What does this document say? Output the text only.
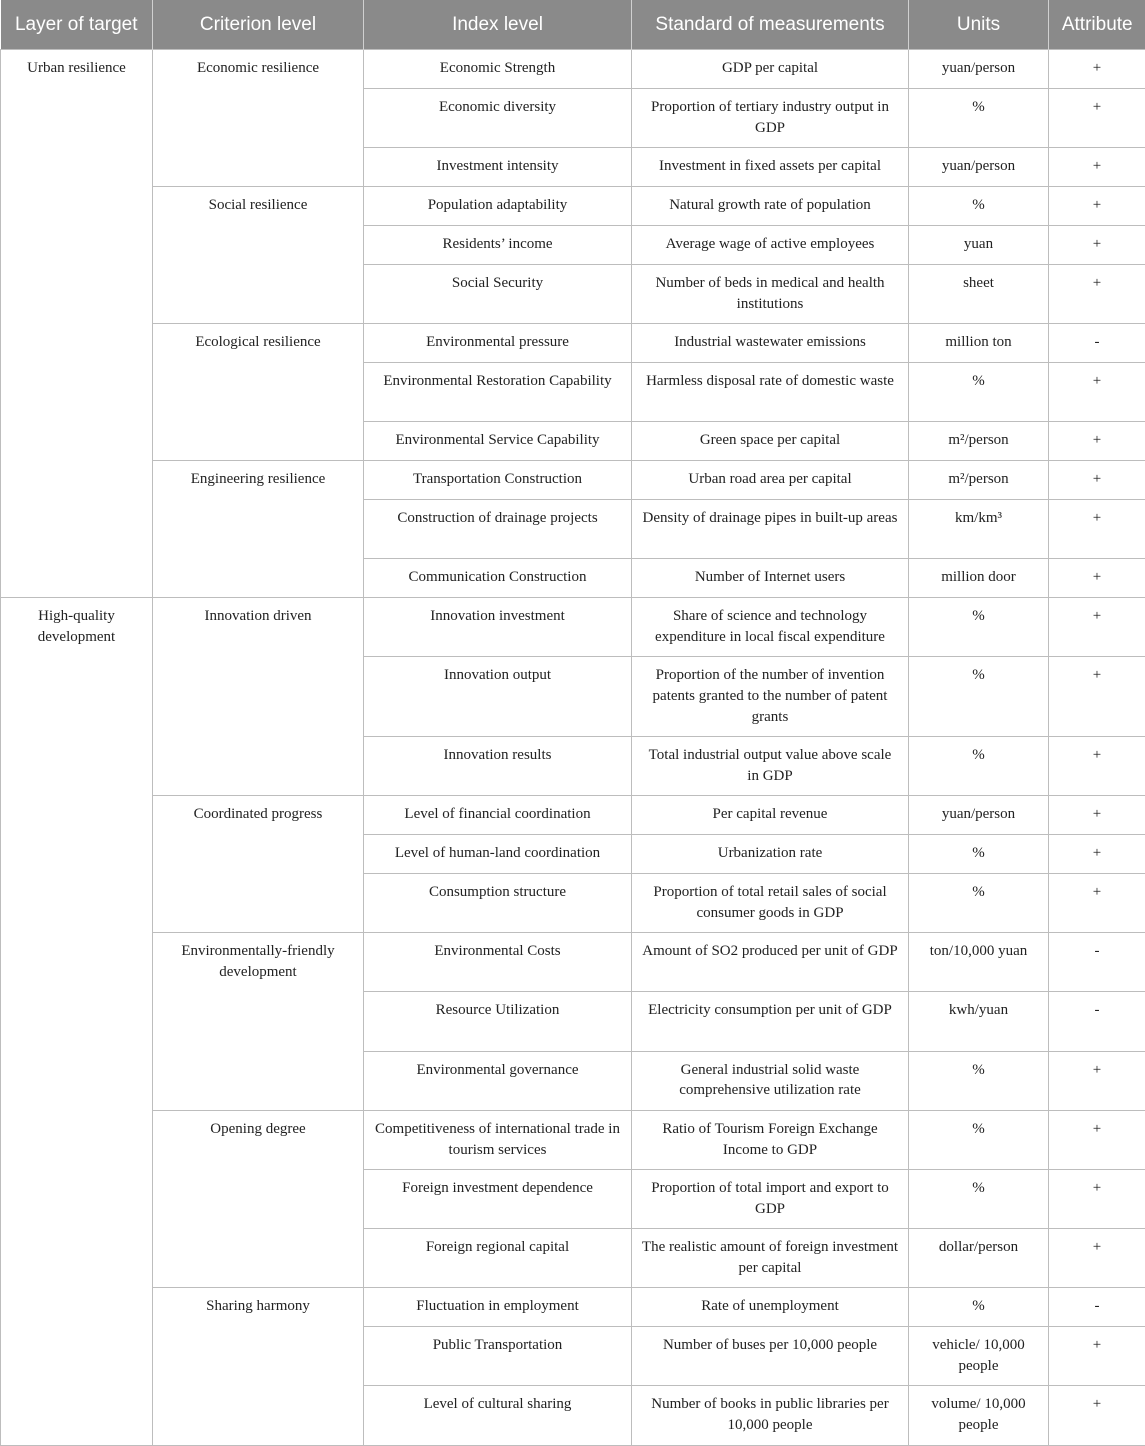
Layer of target	Criterion level	Index level	Standard of measurements	Units	Attribute
Urban resilience	Economic resilience	Economic Strength	GDP per capital	yuan/person	+
		Economic diversity	Proportion of tertiary industry output in GDP	%	+
		Investment intensity	Investment in fixed assets per capital	yuan/person	+
	Social resilience	Population adaptability	Natural growth rate of population	%	+
		Residents’ income	Average wage of active employees	yuan	+
		Social Security	Number of beds in medical and health institutions	sheet	+
	Ecological resilience	Environmental pressure	Industrial wastewater emissions	million ton	-
		Environmental Restoration Capability	Harmless disposal rate of domestic waste	%	+
		Environmental Service Capability	Green space per capital	m²/person	+
	Engineering resilience	Transportation Construction	Urban road area per capital	m²/person	+
		Construction of drainage projects	Density of drainage pipes in built-up areas	km/km³	+
		Communication Construction	Number of Internet users	million door	+
High-quality development	Innovation driven	Innovation investment	Share of science and technology expenditure in local fiscal expenditure	%	+
		Innovation output	Proportion of the number of invention patents granted to the number of patent grants	%	+
		Innovation results	Total industrial output value above scale in GDP	%	+
	Coordinated progress	Level of financial coordination	Per capital revenue	yuan/person	+
		Level of human-land coordination	Urbanization rate	%	+
		Consumption structure	Proportion of total retail sales of social consumer goods in GDP	%	+
	Environmentally-friendly development	Environmental Costs	Amount of SO2 produced per unit of GDP	ton/10,000 yuan	-
		Resource Utilization	Electricity consumption per unit of GDP	kwh/yuan	-
		Environmental governance	General industrial solid waste comprehensive utilization rate	%	+
	Opening degree	Competitiveness of international trade in tourism services	Ratio of Tourism Foreign Exchange Income to GDP	%	+
		Foreign investment dependence	Proportion of total import and export to GDP	%	+
		Foreign regional capital	The realistic amount of foreign investment per capital	dollar/person	+
	Sharing harmony	Fluctuation in employment	Rate of unemployment	%	-
		Public Transportation	Number of buses per 10,000 people	vehicle/ 10,000 people	+
		Level of cultural sharing	Number of books in public libraries per 10,000 people	volume/ 10,000 people	+
